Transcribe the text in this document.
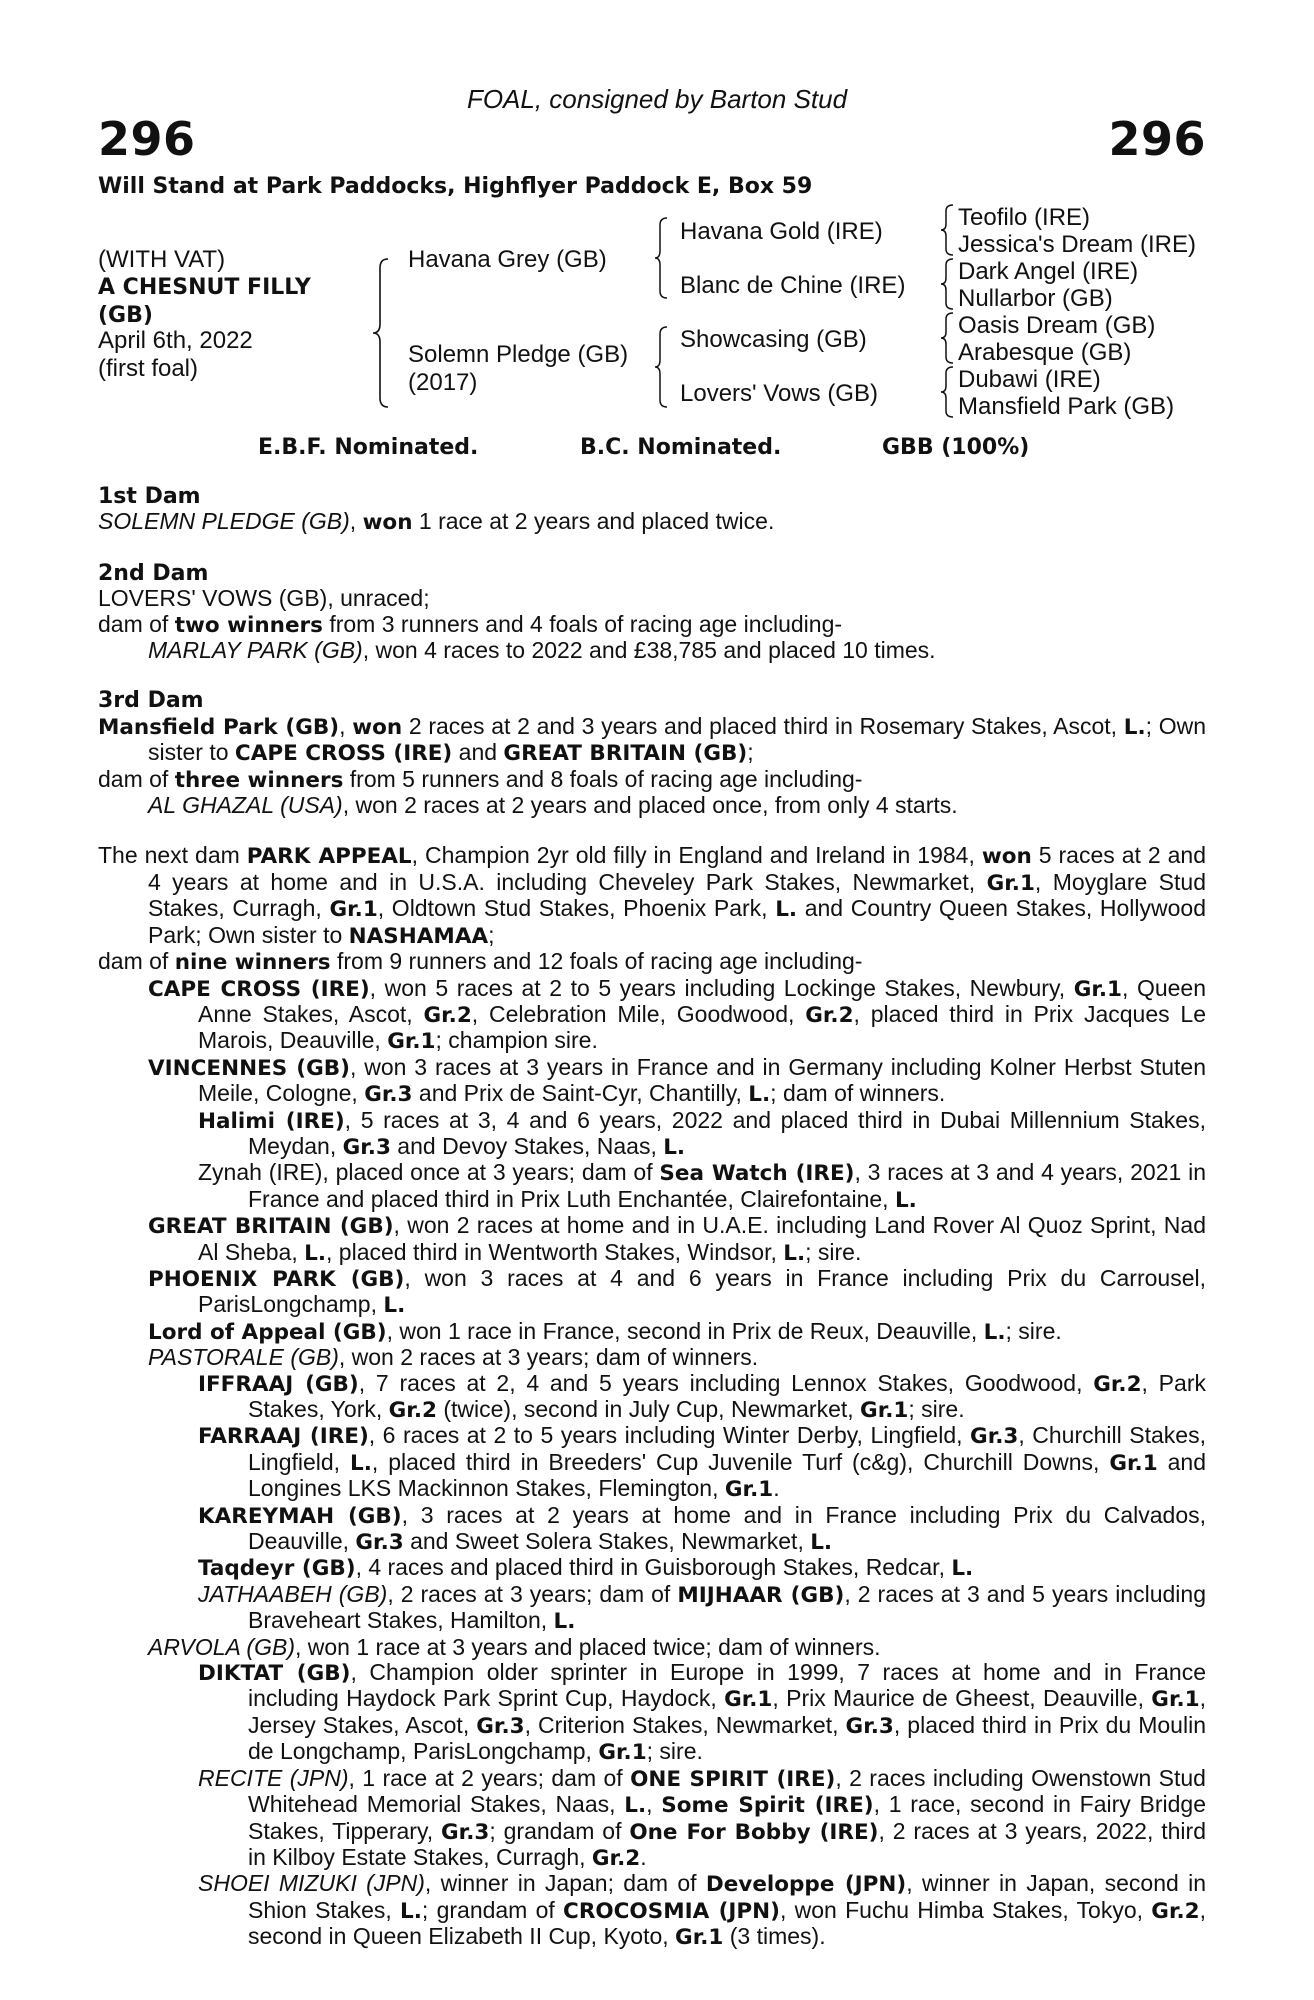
FOAL, consigned by Barton Stud
296	296
Will Stand at Park Paddocks, Highflyer Paddock E, Box 59
(WITH VAT)
A CHESNUT FILLY
(GB)
April 6th, 2022
(first foal)
Havana Grey (GB)
Solemn Pledge (GB)
(2017)
Havana Gold (IRE)
Blanc de Chine (IRE)
Showcasing (GB)
Lovers' Vows (GB)
Teofilo (IRE)
Jessica's Dream (IRE)
Dark Angel (IRE)
Nullarbor (GB)
Oasis Dream (GB)
Arabesque (GB)
Dubawi (IRE)
Mansfield Park (GB)
E.B.F. Nominated.	B.C. Nominated.	GBB (100%)
1st Dam

SOLEMN PLEDGE (GB), won 1 race at 2 years and placed twice.

2nd Dam

LOVERS' VOWS (GB), unraced;

dam of two winners from 3 runners and 4 foals of racing age including-

MARLAY PARK (GB), won 4 races to 2022 and £38,785 and placed 10 times.

3rd Dam

Mansfield Park (GB), won 2 races at 2 and 3 years and placed third in Rosemary Stakes, Ascot, L.; Own sister to CAPE CROSS (IRE) and GREAT BRITAIN (GB);

dam of three winners from 5 runners and 8 foals of racing age including-

AL GHAZAL (USA), won 2 races at 2 years and placed once, from only 4 starts.

The next dam PARK APPEAL, Champion 2yr old filly in England and Ireland in 1984, won 5 races at 2 and 4 years at home and in U.S.A. including Cheveley Park Stakes, Newmarket, Gr.1, Moyglare Stud Stakes, Curragh, Gr.1, Oldtown Stud Stakes, Phoenix Park, L. and Country Queen Stakes, Hollywood Park; Own sister to NASHAMAA;

dam of nine winners from 9 runners and 12 foals of racing age including-

CAPE CROSS (IRE), won 5 races at 2 to 5 years including Lockinge Stakes, Newbury, Gr.1, Queen Anne Stakes, Ascot, Gr.2, Celebration Mile, Goodwood, Gr.2, placed third in Prix Jacques Le Marois, Deauville, Gr.1; champion sire.

VINCENNES (GB), won 3 races at 3 years in France and in Germany including Kolner Herbst Stuten Meile, Cologne, Gr.3 and Prix de Saint-Cyr, Chantilly, L.; dam of winners.

Halimi (IRE), 5 races at 3, 4 and 6 years, 2022 and placed third in Dubai Millennium Stakes, Meydan, Gr.3 and Devoy Stakes, Naas, L.

Zynah (IRE), placed once at 3 years; dam of Sea Watch (IRE), 3 races at 3 and 4 years, 2021 in France and placed third in Prix Luth Enchantée, Clairefontaine, L.

GREAT BRITAIN (GB), won 2 races at home and in U.A.E. including Land Rover Al Quoz Sprint, Nad Al Sheba, L., placed third in Wentworth Stakes, Windsor, L.; sire.

PHOENIX PARK (GB), won 3 races at 4 and 6 years in France including Prix du Carrousel, ParisLongchamp, L.

Lord of Appeal (GB), won 1 race in France, second in Prix de Reux, Deauville, L.; sire.

PASTORALE (GB), won 2 races at 3 years; dam of winners.

IFFRAAJ (GB), 7 races at 2, 4 and 5 years including Lennox Stakes, Goodwood, Gr.2, Park Stakes, York, Gr.2 (twice), second in July Cup, Newmarket, Gr.1; sire.

FARRAAJ (IRE), 6 races at 2 to 5 years including Winter Derby, Lingfield, Gr.3, Churchill Stakes, Lingfield, L., placed third in Breeders' Cup Juvenile Turf (c&g), Churchill Downs, Gr.1 and Longines LKS Mackinnon Stakes, Flemington, Gr.1.

KAREYMAH (GB), 3 races at 2 years at home and in France including Prix du Calvados, Deauville, Gr.3 and Sweet Solera Stakes, Newmarket, L.

Taqdeyr (GB), 4 races and placed third in Guisborough Stakes, Redcar, L.

JATHAABEH (GB), 2 races at 3 years; dam of MIJHAAR (GB), 2 races at 3 and 5 years including Braveheart Stakes, Hamilton, L.

ARVOLA (GB), won 1 race at 3 years and placed twice; dam of winners.

DIKTAT (GB), Champion older sprinter in Europe in 1999, 7 races at home and in France including Haydock Park Sprint Cup, Haydock, Gr.1, Prix Maurice de Gheest, Deauville, Gr.1, Jersey Stakes, Ascot, Gr.3, Criterion Stakes, Newmarket, Gr.3, placed third in Prix du Moulin de Longchamp, ParisLongchamp, Gr.1; sire.

RECITE (JPN), 1 race at 2 years; dam of ONE SPIRIT (IRE), 2 races including Owenstown Stud Whitehead Memorial Stakes, Naas, L., Some Spirit (IRE), 1 race, second in Fairy Bridge Stakes, Tipperary, Gr.3; grandam of One For Bobby (IRE), 2 races at 3 years, 2022, third in Kilboy Estate Stakes, Curragh, Gr.2.

SHOEI MIZUKI (JPN), winner in Japan; dam of Developpe (JPN), winner in Japan, second in Shion Stakes, L.; grandam of CROCOSMIA (JPN), won Fuchu Himba Stakes, Tokyo, Gr.2, second in Queen Elizabeth II Cup, Kyoto, Gr.1 (3 times).
